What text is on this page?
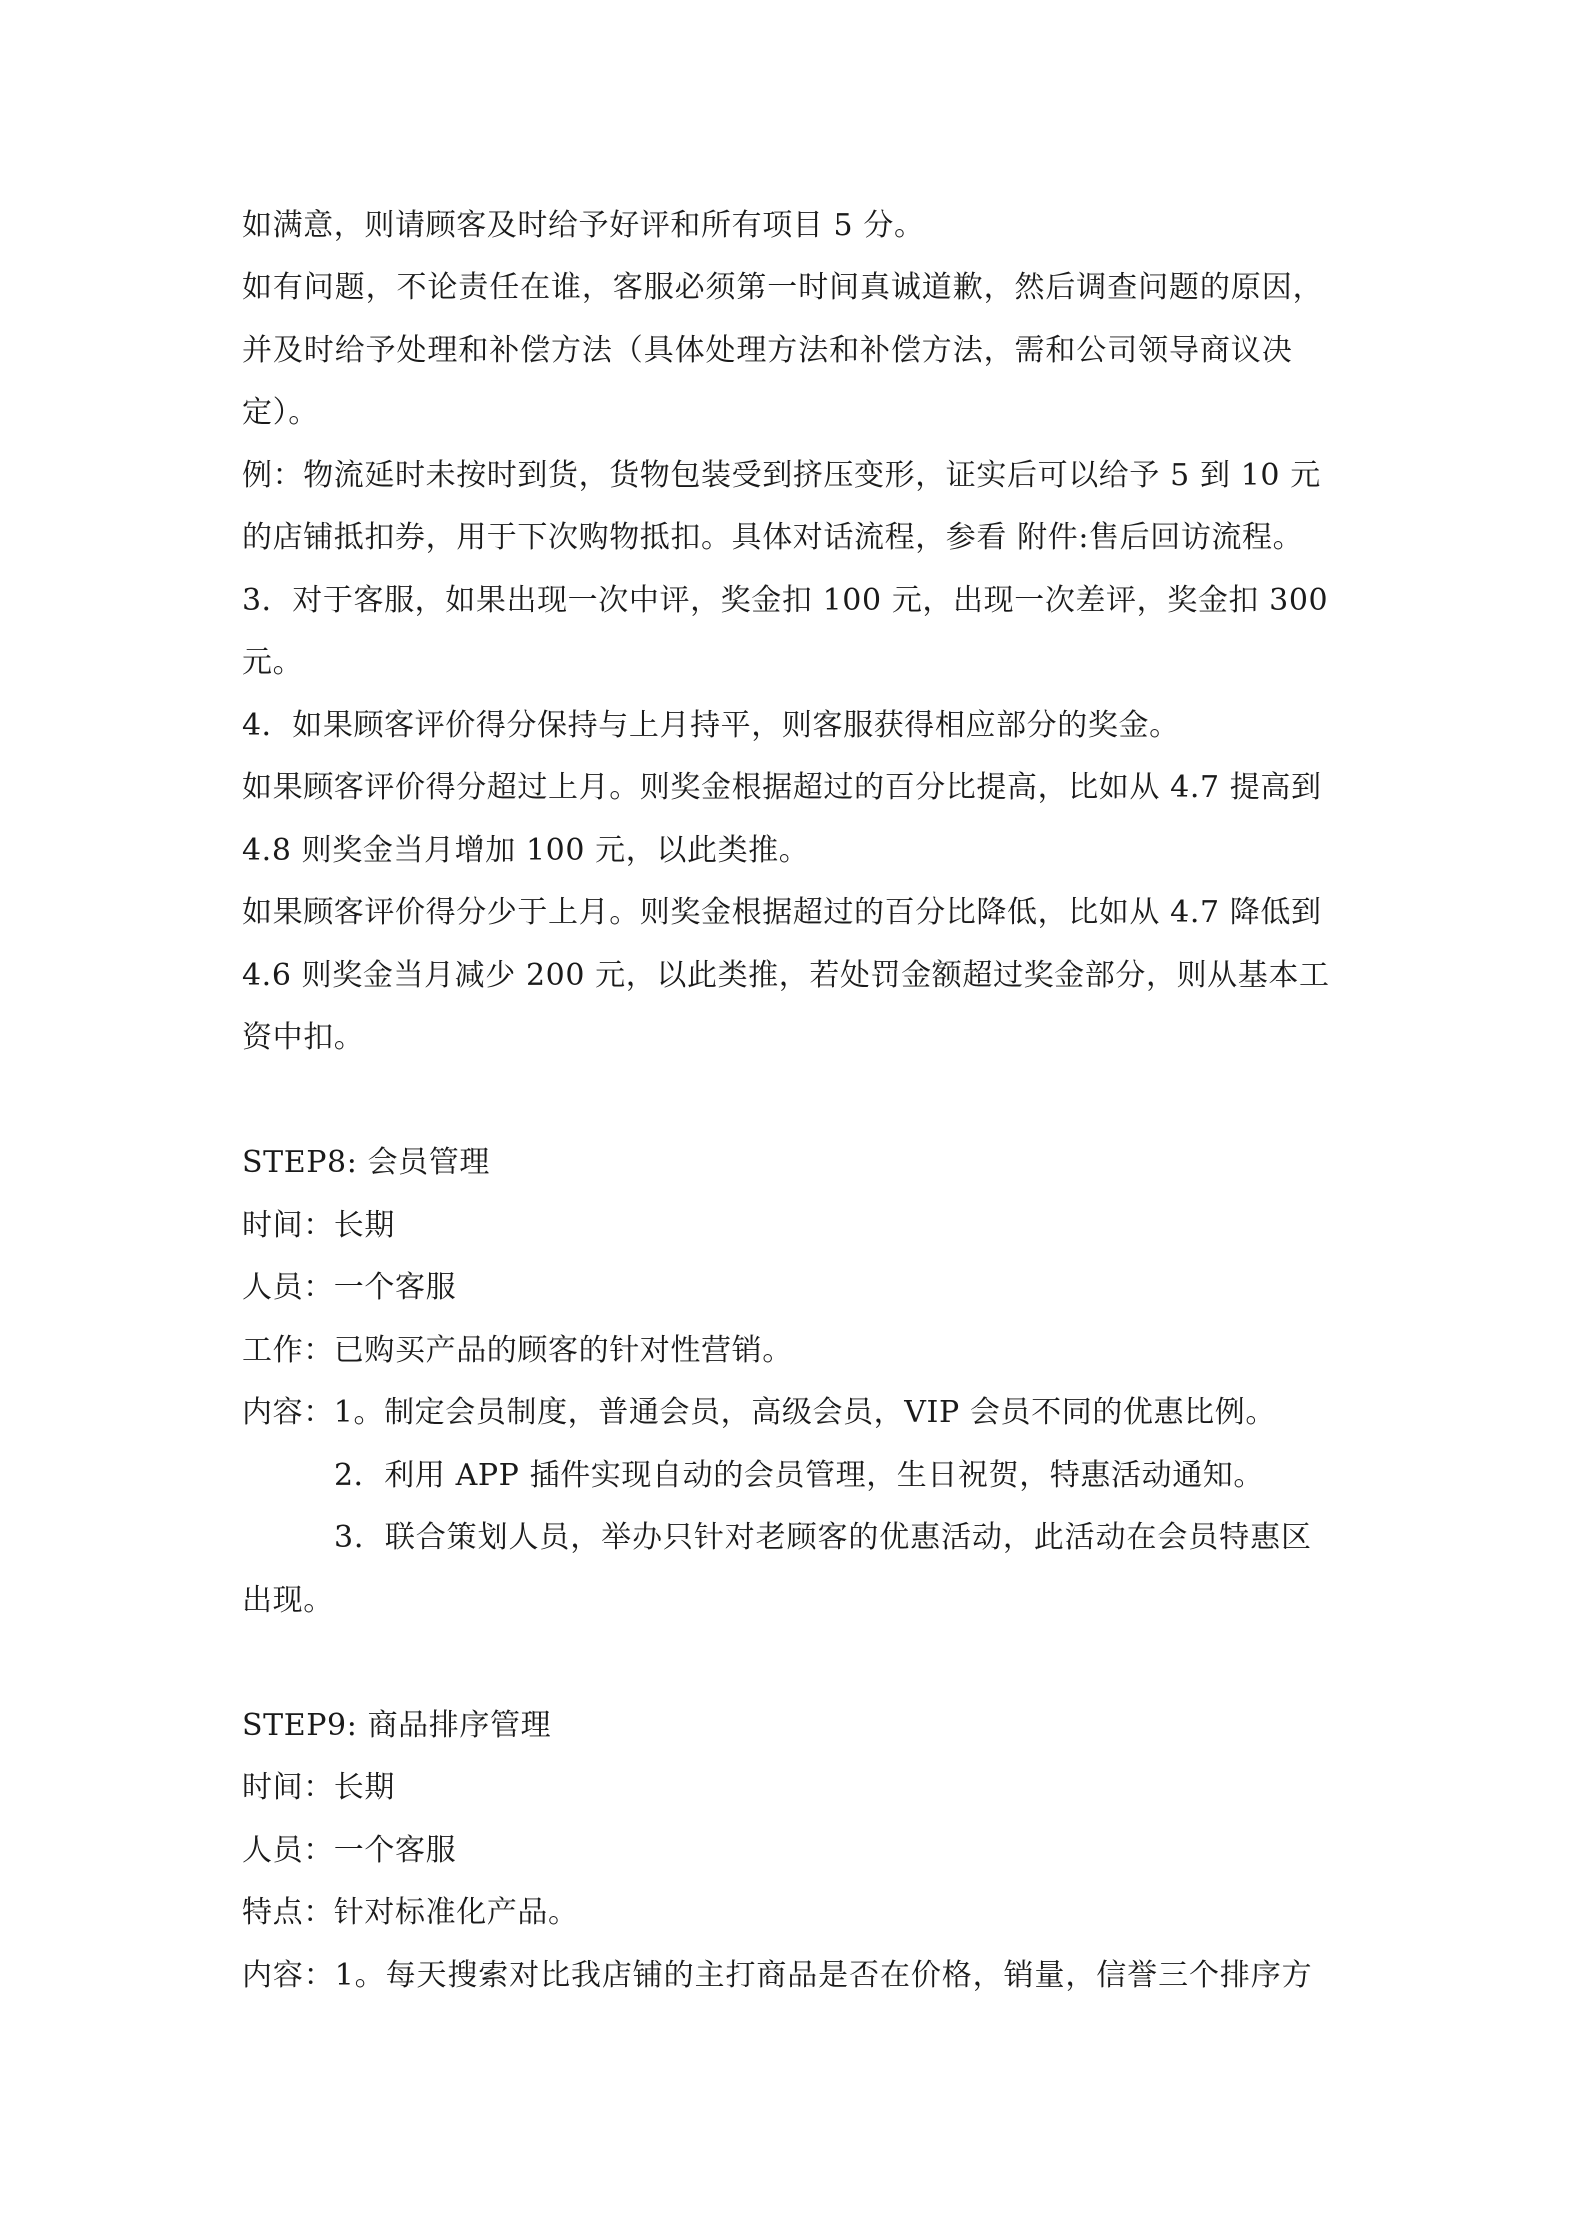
如满意，则请顾客及时给予好评和所有项目 5 分。
如有问题，不论责任在谁，客服必须第一时间真诚道歉，然后调查问题的原因，
并及时给予处理和补偿方法（具体处理方法和补偿方法，需和公司领导商议决
定）。
例：物流延时未按时到货，货物包装受到挤压变形，证实后可以给予 5 到 10 元
的店铺抵扣券，用于下次购物抵扣。具体对话流程，参看 附件:售后回访流程。
3．对于客服，如果出现一次中评，奖金扣 100 元，出现一次差评，奖金扣 300
元。
4．如果顾客评价得分保持与上月持平，则客服获得相应部分的奖金。
如果顾客评价得分超过上月。则奖金根据超过的百分比提高，比如从 4.7 提高到
4.8 则奖金当月增加 100 元，以此类推。
如果顾客评价得分少于上月。则奖金根据超过的百分比降低，比如从 4.7 降低到
4.6 则奖金当月减少 200 元，以此类推，若处罚金额超过奖金部分，则从基本工
资中扣。
STEP8: 会员管理
时间：长期
人员：一个客服
工作：已购买产品的顾客的针对性营销。
内容：1。制定会员制度，普通会员，高级会员，VIP 会员不同的优惠比例。
2．利用 APP 插件实现自动的会员管理，生日祝贺，特惠活动通知。
3．联合策划人员，举办只针对老顾客的优惠活动，此活动在会员特惠区
出现。
STEP9: 商品排序管理
时间：长期
人员：一个客服
特点：针对标准化产品。
内容：1。每天搜索对比我店铺的主打商品是否在价格，销量，信誉三个排序方
